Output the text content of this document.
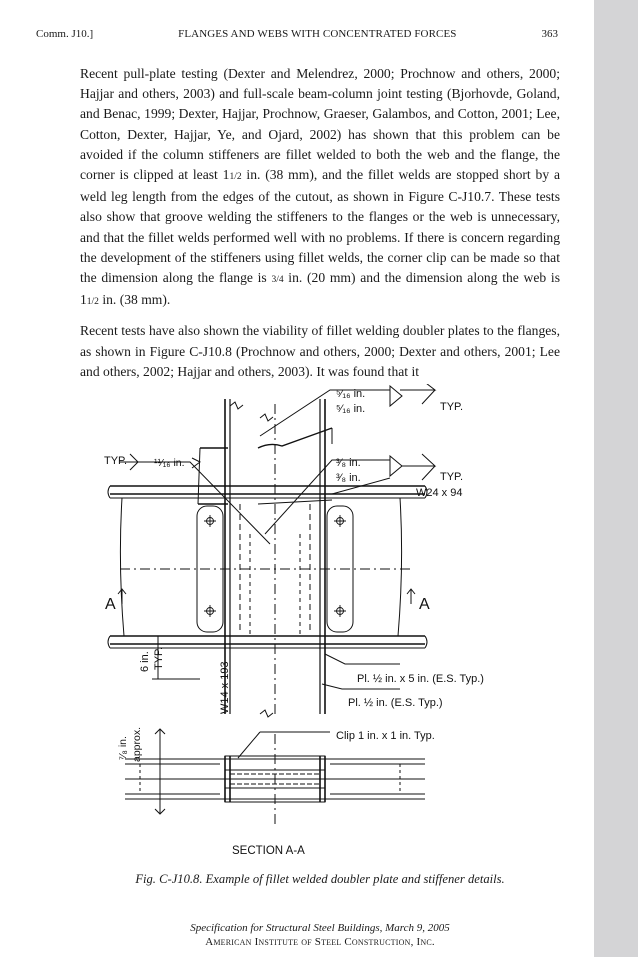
Comm. J10.]	FLANGES AND WEBS WITH CONCENTRATED FORCES	363

Recent pull-plate testing (Dexter and Melendrez, 2000; Prochnow and others, 2000; Hajjar and others, 2003) and full-scale beam-column joint testing (Bjorhovde, Goland, and Benac, 1999; Dexter, Hajjar, Prochnow, Graeser, Galambos, and Cotton, 2001; Lee, Cotton, Dexter, Hajjar, Ye, and Ojard, 2002) has shown that this problem can be avoided if the column stiffeners are fillet welded to both the web and the flange, the corner is clipped at least 11/2 in. (38 mm), and the fillet welds are stopped short by a weld leg length from the edges of the cutout, as shown in Figure C-J10.7. These tests also show that groove welding the stiffeners to the flanges or the web is unnecessary, and that the fillet welds performed well with no problems. If there is concern regarding the development of the stiffeners using fillet welds, the corner clip can be made so that the dimension along the flange is 3/4 in. (20 mm) and the dimension along the web is 11/2 in. (38 mm).

Recent tests have also shown the viability of fillet welding doubler plates to the flanges, as shown in Figure C-J10.8 (Prochnow and others, 2000; Dexter and others, 2001; Lee and others, 2002; Hajjar and others, 2003). It was found that it

⁵⁄₁₆ in.
⁵⁄₁₆ in.	TYP.
³⁄₈ in.
³⁄₈ in.	TYP.
TYP.	¹¹⁄₁₆ in.
W24 x 94
A	A
6 in. TYP.
W14 x 193	Pl. ½ in. x 5 in. (E.S. Typ.)
Pl. ½ in. (E.S. Typ.)
⁷⁄₈ in. approx.	Clip 1 in. x 1 in. Typ.
SECTION A-A
Fig. C-J10.8. Example of fillet welded doubler plate and stiffener details.
Specification for Structural Steel Buildings, March 9, 2005
American Institute of Steel Construction, Inc.
